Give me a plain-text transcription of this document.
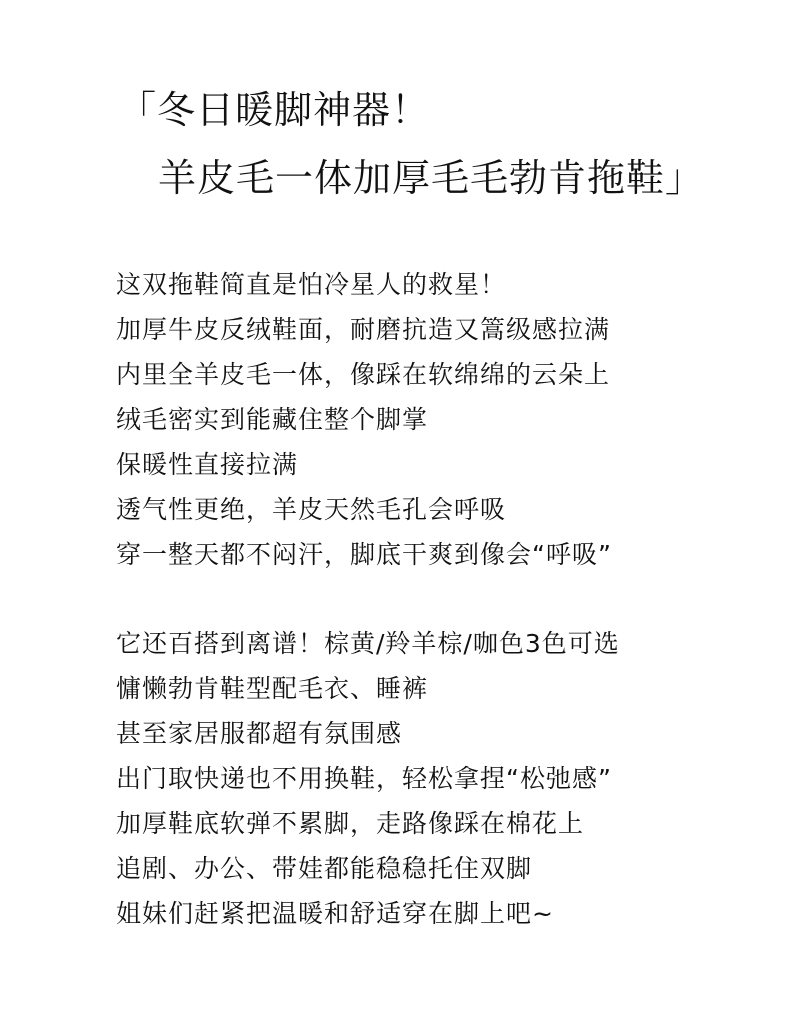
「冬日暖脚神器！
羊皮毛一体加厚毛毛勃肯拖鞋」
这双拖鞋简直是怕冷星人的救星！
加厚牛皮反绒鞋面，耐磨抗造又篙级感拉满
内里全羊皮毛一体，像踩在软绵绵的云朵上
绒毛密实到能藏住整个脚掌
保暖性直接拉满
透气性更绝，羊皮天然毛孔会呼吸
穿一整天都不闷汗，脚底干爽到像会“呼吸”
它还百搭到离谱！棕黄/羚羊棕/咖色3色可选
慵懒勃肯鞋型配毛衣、睡裤
甚至家居服都超有氛围感
出门取快递也不用换鞋，轻松拿捏“松弛感”
加厚鞋底软弹不累脚，走路像踩在棉花上
追剧、办公、带娃都能稳稳托住双脚
姐妹们赶紧把温暖和舒适穿在脚上吧~
